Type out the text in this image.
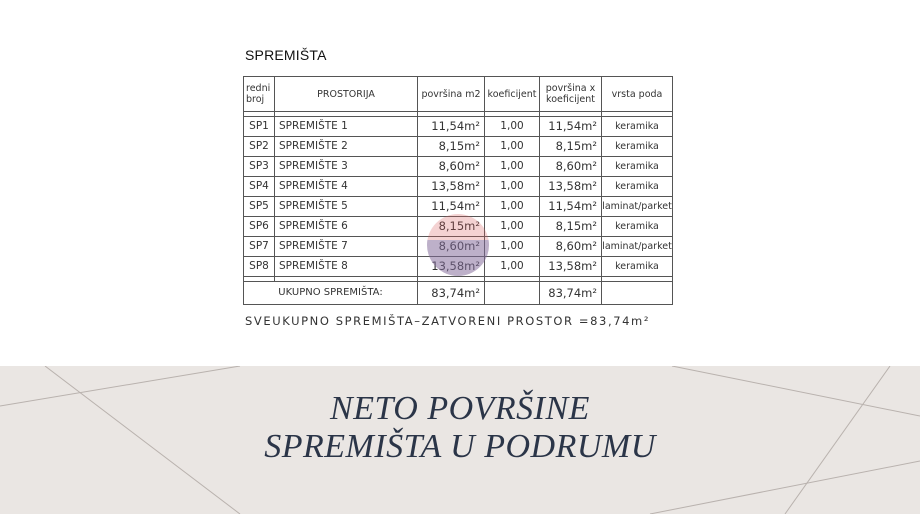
SPREMIŠTA
redni broj	PROSTORIJA	površina m2	koeficijent	površina x koeficijent	vrsta poda

SP1	SPREMIŠTE 1	11,54m²	1,00	11,54m²	keramika
SP2	SPREMIŠTE 2	8,15m²	1,00	8,15m²	keramika
SP3	SPREMIŠTE 3	8,60m²	1,00	8,60m²	keramika
SP4	SPREMIŠTE 4	13,58m²	1,00	13,58m²	keramika
SP5	SPREMIŠTE 5	11,54m²	1,00	11,54m²	laminat/parket
SP6	SPREMIŠTE 6	8,15m²	1,00	8,15m²	keramika
SP7	SPREMIŠTE 7	8,60m²	1,00	8,60m²	laminat/parket
SP8	SPREMIŠTE 8	13,58m²	1,00	13,58m²	keramika

UKUPNO SPREMIŠTA:		83,74m²		83,74m²	
SVEUKUPNO SPREMIŠTA–ZATVORENI PROSTOR =83,74m²
NETO POVRŠINE
SPREMIŠTA U PODRUMU
